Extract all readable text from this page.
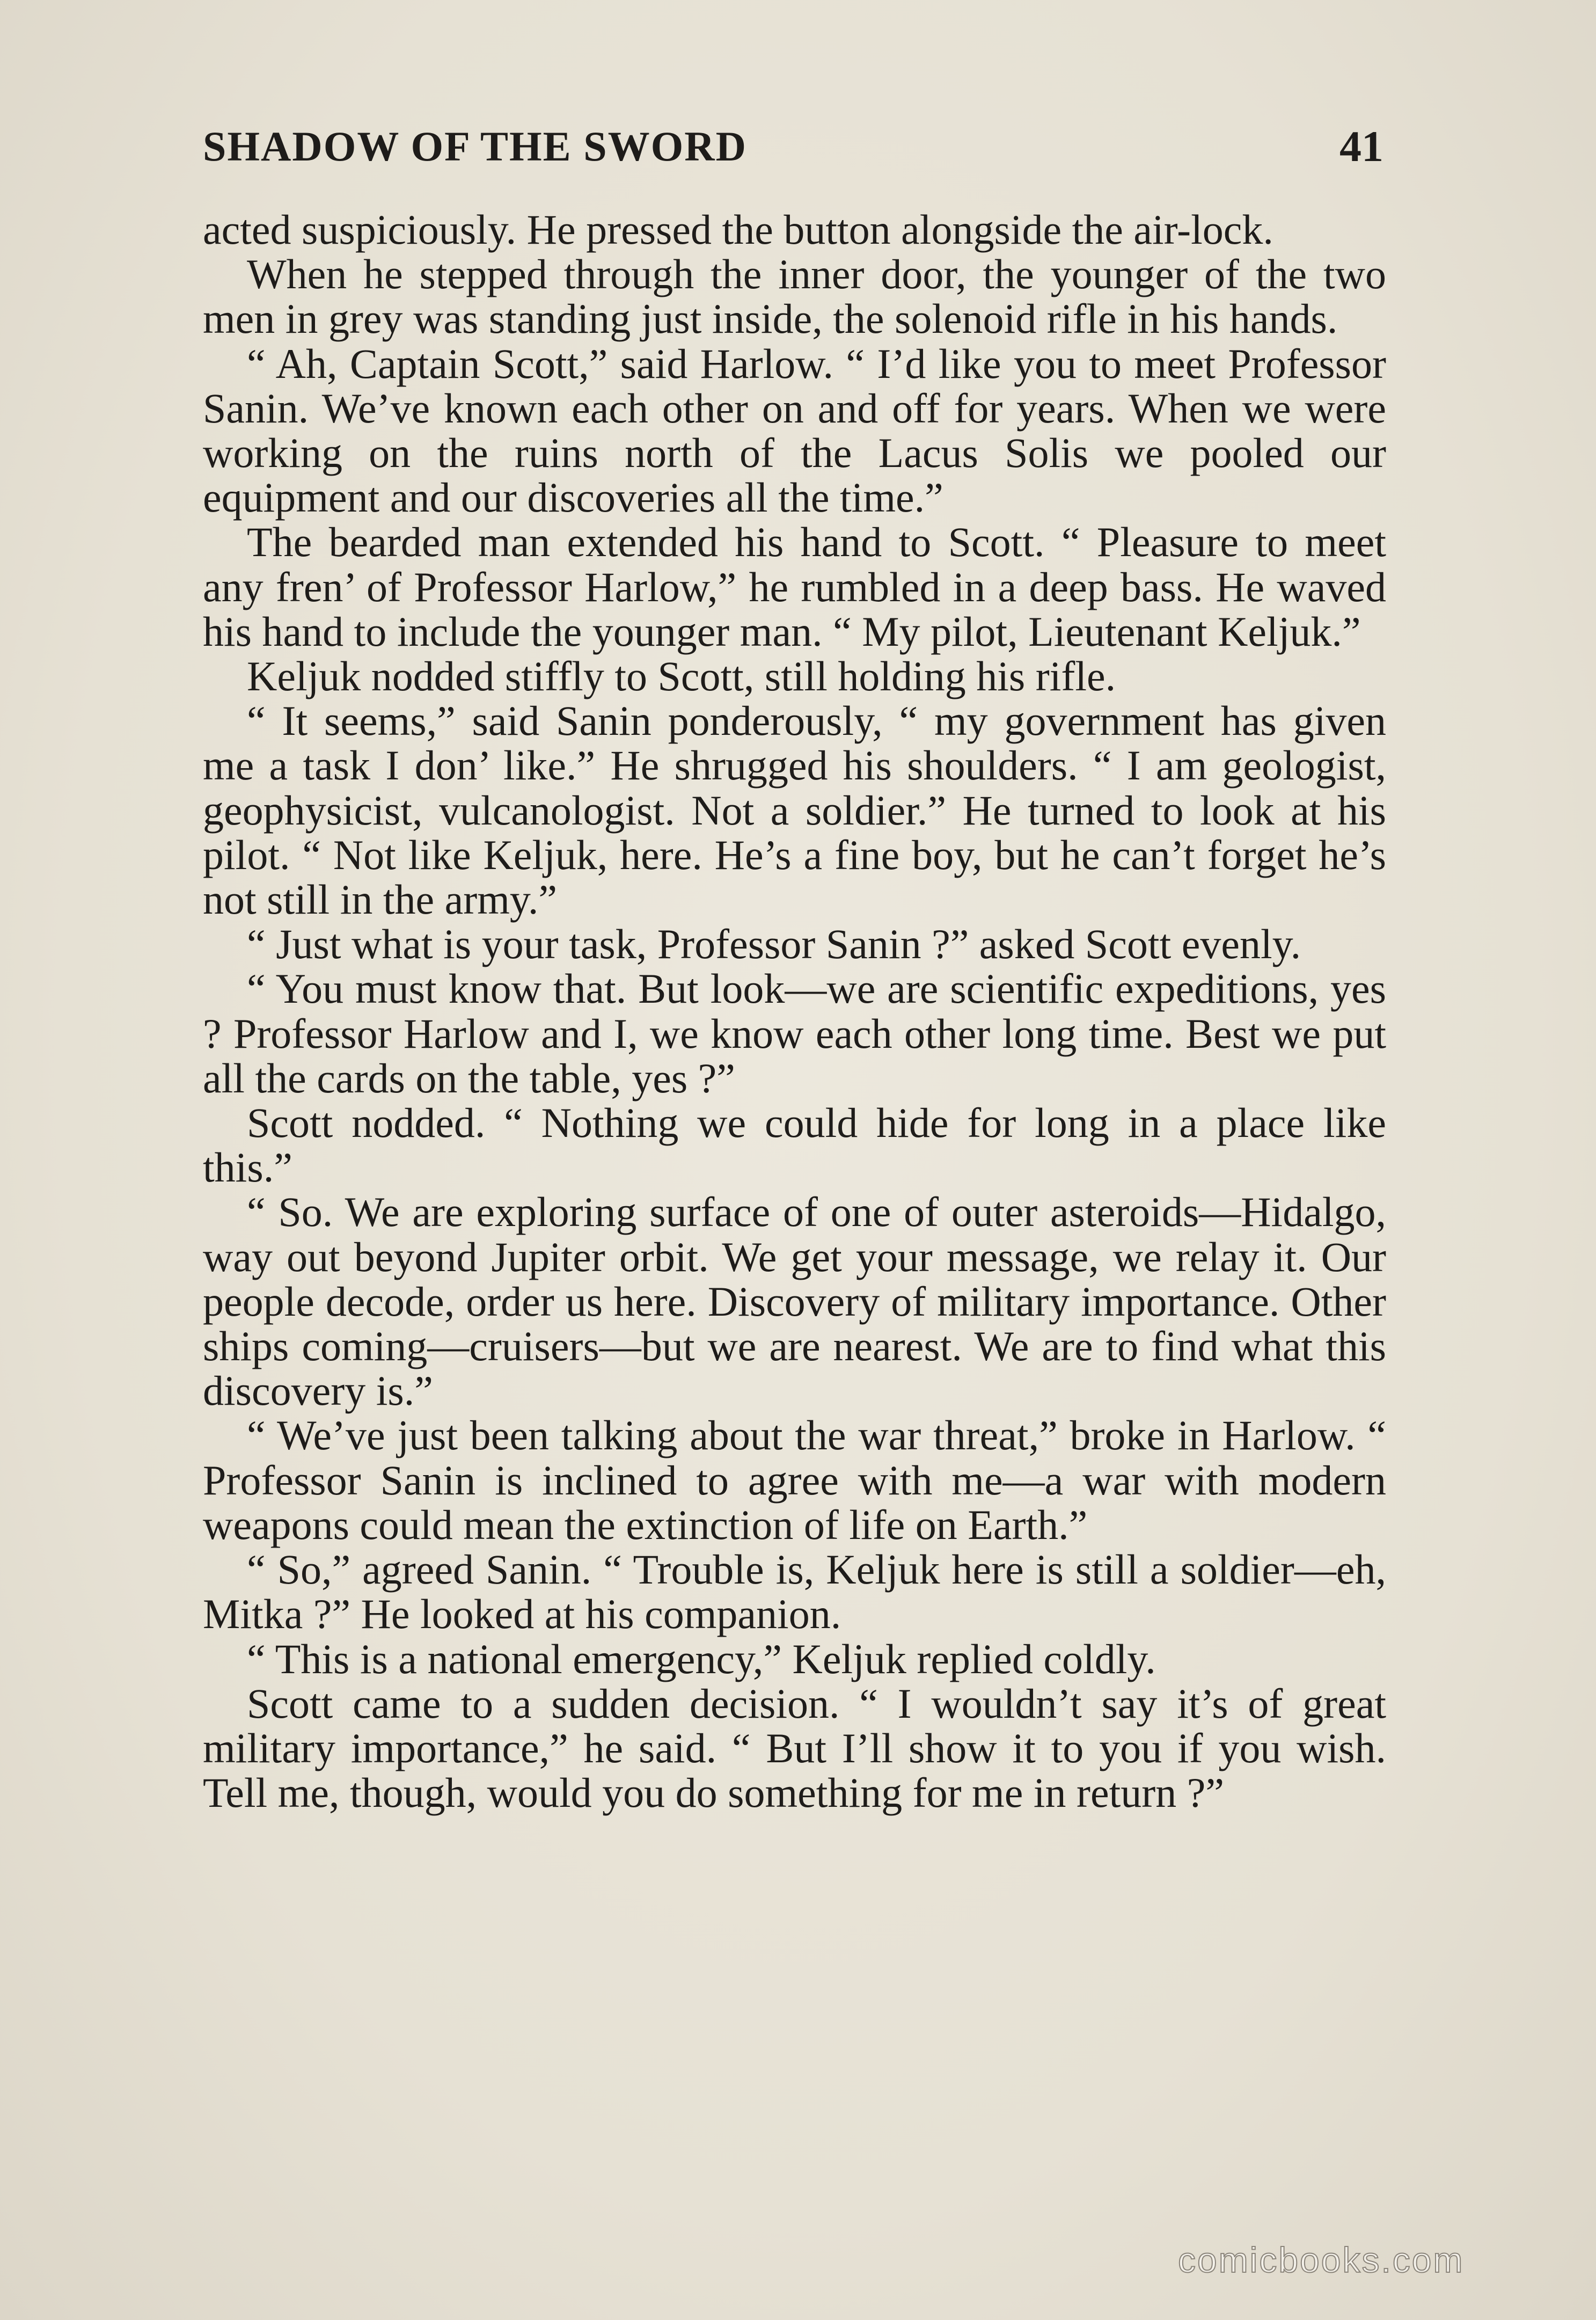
SHADOW OF THE SWORD	41

acted suspiciously. He pressed the button alongside the air-lock.

When he stepped through the inner door, the younger of the two men in grey was standing just inside, the solenoid rifle in his hands.

“ Ah, Captain Scott,” said Harlow. “ I’d like you to meet Professor Sanin. We’ve known each other on and off for years. When we were working on the ruins north of the Lacus Solis we pooled our equipment and our discoveries all the time.”

The bearded man extended his hand to Scott. “ Pleasure to meet any fren’ of Professor Harlow,” he rumbled in a deep bass. He waved his hand to include the younger man. “ My pilot, Lieutenant Keljuk.”

Keljuk nodded stiffly to Scott, still holding his rifle.

“ It seems,” said Sanin ponderously, “ my government has given me a task I don’ like.” He shrugged his shoulders. “ I am geologist, geophysicist, vulcanologist. Not a soldier.” He turned to look at his pilot. “ Not like Keljuk, here. He’s a fine boy, but he can’t forget he’s not still in the army.”

“ Just what is your task, Professor Sanin ?” asked Scott evenly.

“ You must know that. But look—we are scientific expeditions, yes ? Professor Harlow and I, we know each other long time. Best we put all the cards on the table, yes ?”

Scott nodded. “ Nothing we could hide for long in a place like this.”

“ So. We are exploring surface of one of outer asteroids—Hidalgo, way out beyond Jupiter orbit. We get your message, we relay it. Our people decode, order us here. Discovery of military importance. Other ships coming—cruisers—but we are nearest. We are to find what this discovery is.”

“ We’ve just been talking about the war threat,” broke in Harlow. “ Professor Sanin is inclined to agree with me—a war with modern weapons could mean the extinction of life on Earth.”

“ So,” agreed Sanin. “ Trouble is, Keljuk here is still a soldier—eh, Mitka ?” He looked at his companion.

“ This is a national emergency,” Keljuk replied coldly.

Scott came to a sudden decision. “ I wouldn’t say it’s of great military importance,” he said. “ But I’ll show it to you if you wish. Tell me, though, would you do something for me in return ?”

comicbooks.com
